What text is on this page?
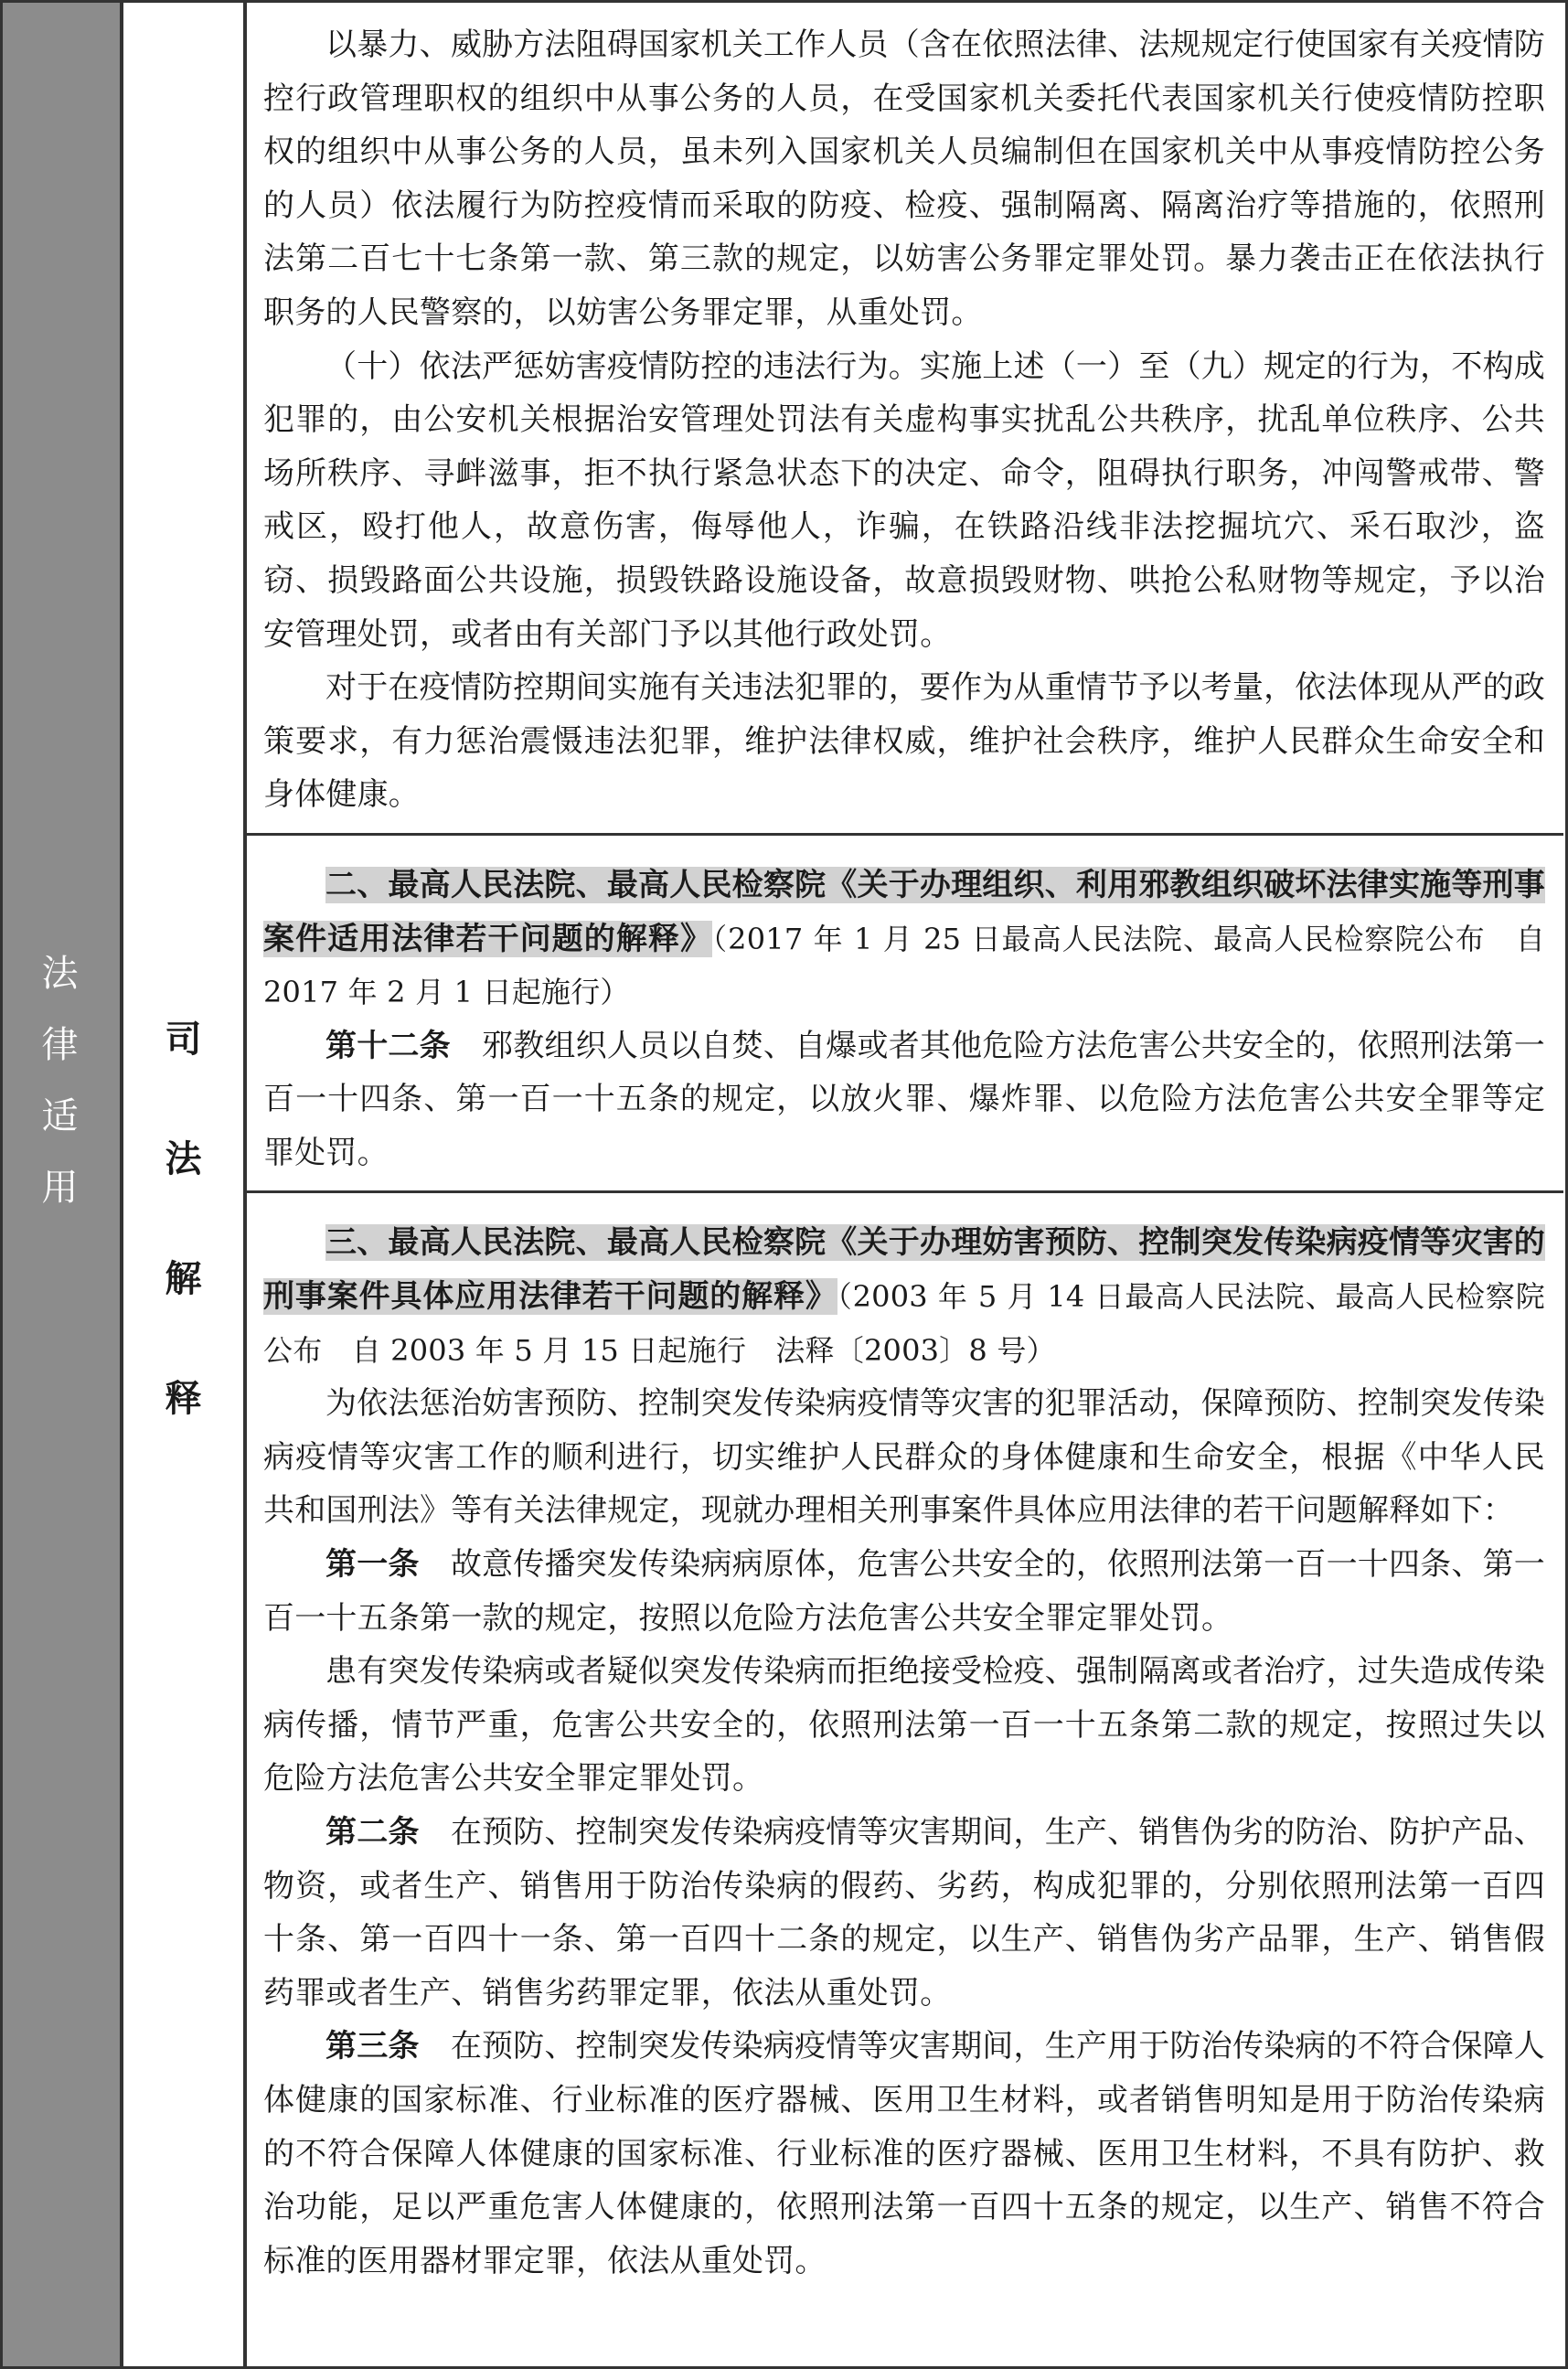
法
律
适
用
司
法
解
释

以暴力、威胁方法阻碍国家机关工作人员（含在依照法律、法规规定行使国家有关疫情防控行政管理职权的组织中从事公务的人员，在受国家机关委托代表国家机关行使疫情防控职权的组织中从事公务的人员，虽未列入国家机关人员编制但在国家机关中从事疫情防控公务的人员）依法履行为防控疫情而采取的防疫、检疫、强制隔离、隔离治疗等措施的，依照刑法第二百七十七条第一款、第三款的规定，以妨害公务罪定罪处罚。暴力袭击正在依法执行职务的人民警察的，以妨害公务罪定罪，从重处罚。

（十）依法严惩妨害疫情防控的违法行为。实施上述（一）至（九）规定的行为，不构成犯罪的，由公安机关根据治安管理处罚法有关虚构事实扰乱公共秩序，扰乱单位秩序、公共场所秩序、寻衅滋事，拒不执行紧急状态下的决定、命令，阻碍执行职务，冲闯警戒带、警戒区，殴打他人，故意伤害，侮辱他人，诈骗，在铁路沿线非法挖掘坑穴、采石取沙，盗窃、损毁路面公共设施，损毁铁路设施设备，故意损毁财物、哄抢公私财物等规定，予以治安管理处罚，或者由有关部门予以其他行政处罚。

对于在疫情防控期间实施有关违法犯罪的，要作为从重情节予以考量，依法体现从严的政策要求，有力惩治震慑违法犯罪，维护法律权威，维护社会秩序，维护人民群众生命安全和身体健康。

二、最高人民法院、最高人民检察院《关于办理组织、利用邪教组织破坏法律实施等刑事案件适用法律若干问题的解释》（2017 年 1 月 25 日最高人民法院、最高人民检察院公布　自 2017 年 2 月 1 日起施行）

第十二条　邪教组织人员以自焚、自爆或者其他危险方法危害公共安全的，依照刑法第一百一十四条、第一百一十五条的规定，以放火罪、爆炸罪、以危险方法危害公共安全罪等定罪处罚。

三、最高人民法院、最高人民检察院《关于办理妨害预防、控制突发传染病疫情等灾害的刑事案件具体应用法律若干问题的解释》（2003 年 5 月 14 日最高人民法院、最高人民检察院公布　自 2003 年 5 月 15 日起施行　法释〔2003〕8 号）

为依法惩治妨害预防、控制突发传染病疫情等灾害的犯罪活动，保障预防、控制突发传染病疫情等灾害工作的顺利进行，切实维护人民群众的身体健康和生命安全，根据《中华人民共和国刑法》等有关法律规定，现就办理相关刑事案件具体应用法律的若干问题解释如下：

第一条　故意传播突发传染病病原体，危害公共安全的，依照刑法第一百一十四条、第一百一十五条第一款的规定，按照以危险方法危害公共安全罪定罪处罚。

患有突发传染病或者疑似突发传染病而拒绝接受检疫、强制隔离或者治疗，过失造成传染病传播，情节严重，危害公共安全的，依照刑法第一百一十五条第二款的规定，按照过失以危险方法危害公共安全罪定罪处罚。

第二条　在预防、控制突发传染病疫情等灾害期间，生产、销售伪劣的防治、防护产品、物资，或者生产、销售用于防治传染病的假药、劣药，构成犯罪的，分别依照刑法第一百四十条、第一百四十一条、第一百四十二条的规定，以生产、销售伪劣产品罪，生产、销售假药罪或者生产、销售劣药罪定罪，依法从重处罚。

第三条　在预防、控制突发传染病疫情等灾害期间，生产用于防治传染病的不符合保障人体健康的国家标准、行业标准的医疗器械、医用卫生材料，或者销售明知是用于防治传染病的不符合保障人体健康的国家标准、行业标准的医疗器械、医用卫生材料，不具有防护、救治功能，足以严重危害人体健康的，依照刑法第一百四十五条的规定，以生产、销售不符合标准的医用器材罪定罪，依法从重处罚。
